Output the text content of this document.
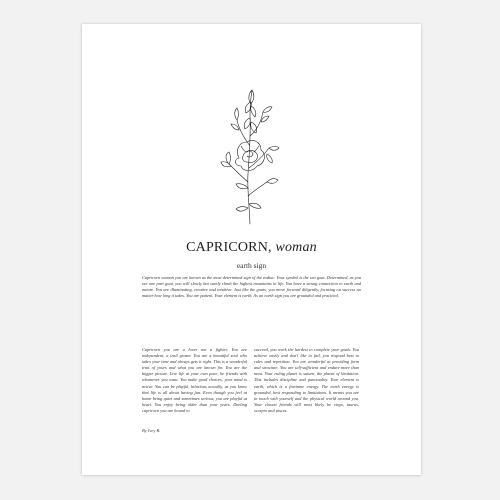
CAPRICORN, woman
earth sign
Capricorn woman you are known as the most determined sign of the zodiac. Your symbol is the sea goat. Determined, as you see one part goat, you will slowly but surely climb the highest mountains in life. You have a strong connection to earth and nature. You are illuminating, creative and intuitive. Just like the goats, you move forward diligently, focusing on success no matter how long it takes. You are patient. Your element is earth. As an earth sign you are grounded and practical.
Capricorn you are a lover not a fighter. You are independent, a trail grazer. You are a beautiful soul who takes your time and always gets it right. This is a wonderful trait of yours and what you are known for. You are the bigger picture. Live life at your own pace, be friends with whomever you want. You make good choices, your mind is active. You can be playful, hilarious actually, as you know that life is all about having fun. Even though you feel at home being quiet and sometimes serious, you are playful at heart. You enjoy being older than your years. Darling capricorn you are bound to
succeed, you work the hardest to complete your goals. You achieve easily and don't like to fail, you respond best to rules and repetition. You are wonderful at providing form and structure. You are self-sufficient and endure more than most. Your ruling planet is saturn, the planet of limitation. This includes discipline and punctuality. Your element is earth, which is a feminine energy. The earth energy is grounded, best responding to limitations. It means you are in touch with yourself and the physical world around you. Your closest friends will most likely be virgo, taurus, scorpio and pisces.
By Ivey B.
